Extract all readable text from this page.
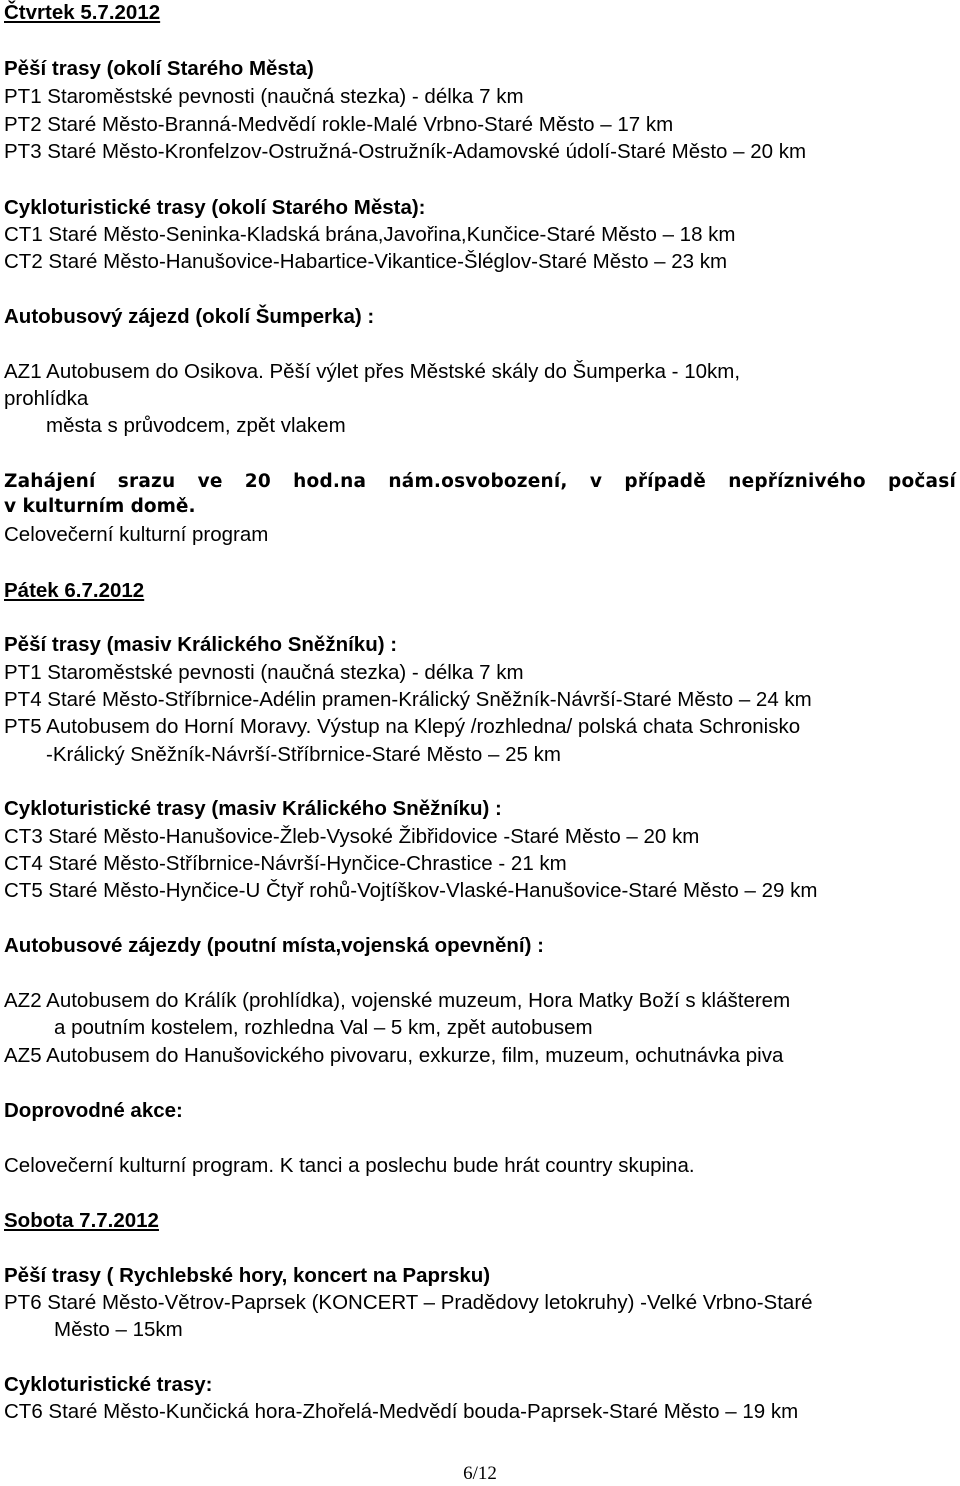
Čtvrtek 5.7.2012
Pěší trasy (okolí Starého Města)
PT1 Staroměstské pevnosti (naučná stezka) - délka 7 km
PT2 Staré Město-Branná-Medvědí rokle-Malé Vrbno-Staré Město – 17 km
PT3 Staré Město-Kronfelzov-Ostružná-Ostružník-Adamovské údolí-Staré Město – 20 km
Cykloturistické trasy (okolí Starého Města):
CT1 Staré Město-Seninka-Kladská brána,Javořina,Kunčice-Staré Město – 18 km
CT2 Staré Město-Hanušovice-Habartice-Vikantice-Šléglov-Staré Město – 23 km
Autobusový zájezd (okolí Šumperka) :
AZ1 Autobusem do Osikova. Pěší výlet přes Městské skály do Šumperka - 10km,
prohlídka
města s průvodcem, zpět vlakem
Zahájení srazu ve 20 hod.na nám.osvobození, v případě nepříznivého počasí
v kulturním domě.
Celovečerní kulturní program
Pátek 6.7.2012
Pěší trasy (masiv Králického Sněžníku) :
PT1 Staroměstské pevnosti (naučná stezka) - délka 7 km
PT4 Staré Město-Stříbrnice-Adélin pramen-Králický Sněžník-Návrší-Staré Město – 24 km
PT5 Autobusem do Horní Moravy. Výstup na Klepý /rozhledna/ polská chata Schronisko
-Králický Sněžník-Návrší-Stříbrnice-Staré Město – 25 km
Cykloturistické trasy (masiv Králického Sněžníku) :
CT3 Staré Město-Hanušovice-Žleb-Vysoké Žibřidovice -Staré Město – 20 km
CT4 Staré Město-Stříbrnice-Návrší-Hynčice-Chrastice - 21 km
CT5 Staré Město-Hynčice-U Čtyř rohů-Vojtíškov-Vlaské-Hanušovice-Staré Město – 29 km
Autobusové zájezdy (poutní místa,vojenská opevnění) :
AZ2 Autobusem do Králík (prohlídka), vojenské muzeum, Hora Matky Boží s klášterem
a poutním kostelem, rozhledna Val – 5 km, zpět autobusem
AZ5 Autobusem do Hanušovického pivovaru, exkurze, film, muzeum, ochutnávka piva
Doprovodné akce:
Celovečerní kulturní program. K tanci a poslechu bude hrát country skupina.
Sobota 7.7.2012
Pěší trasy ( Rychlebské hory, koncert na Paprsku)
PT6 Staré Město-Větrov-Paprsek (KONCERT – Pradědovy letokruhy) -Velké Vrbno-Staré
Město – 15km
Cykloturistické trasy:
CT6 Staré Město-Kunčická hora-Zhořelá-Medvědí bouda-Paprsek-Staré Město – 19 km
6/12
